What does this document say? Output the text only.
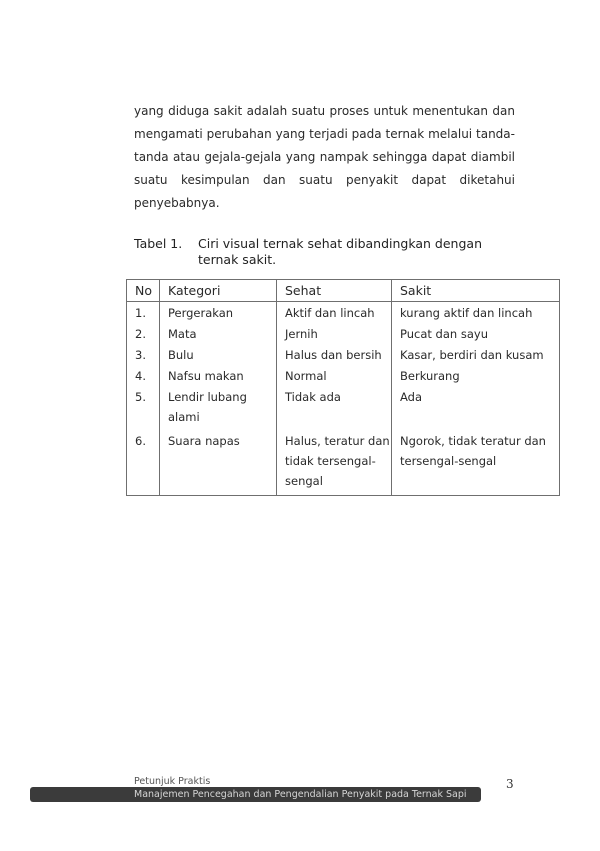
yang diduga sakit adalah suatu proses untuk menentukan dan mengamati perubahan yang terjadi pada ternak melalui tanda-tanda atau gejala-gejala yang nampak sehingga dapat diambil suatu kesimpulan dan suatu penyakit dapat diketahui penyebabnya.

Tabel 1. Ciri visual ternak sehat dibandingkan dengan
ternak sakit.
No	Kategori	Sehat	Sakit
1.	Pergerakan	Aktif dan lincah	kurang aktif dan lincah
2.	Mata	Jernih	Pucat dan sayu
3.	Bulu	Halus dan bersih	Kasar, berdiri dan kusam
4.	Nafsu makan	Normal	Berkurang
5.	Lendir lubang alami	Tidak ada	Ada
6.	Suara napas	Halus, teratur dan tidak tersengal-sengal	Ngorok, tidak teratur dan tersengal-sengal
Petunjuk Praktis
Manajemen Pencegahan dan Pengendalian Penyakit pada Ternak Sapi
3
